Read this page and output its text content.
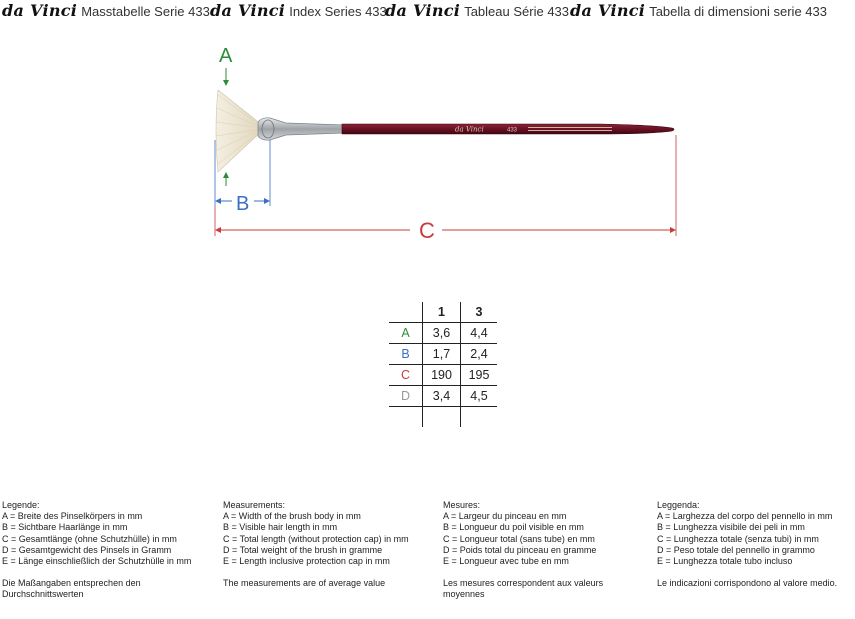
da Vinci Masstabelle Serie 433 da Vinci Index Series 433
da Vinci Tableau Série 433 da Vinci Tabella di dimensioni serie 433
da Vinci	433
A
B
C
	1	3
A	3,6	4,4
B	1,7	2,4
C	190	195
D	3,4	4,5

Legende:
A = Breite des Pinselkörpers in mm
B = Sichtbare Haarlänge in mm
C = Gesamtlänge (ohne Schutzhülle) in mm
D = Gesamtgewicht des Pinsels in Gramm
E = Länge einschließlich der Schutzhülle in mm
Die Maßangaben entsprechen den Durchschnittswerten
Measurements:
A = Width of the brush body in mm
B = Visible hair length in mm
C = Total length (without protection cap) in mm
D = Total weight of the brush in gramme
E = Length inclusive protection cap in mm
The measurements are of average value
Mesures:
A = Largeur du pinceau en mm
B = Longueur du poil visible en mm
C = Longueur total (sans tube) en mm
D = Poids total du pinceau en gramme
E = Longueur avec tube en mm
Les mesures correspondent aux valeurs moyennes
Leggenda:
A = Larghezza del corpo del pennello in mm
B = Lunghezza visibile dei peli in mm
C = Lunghezza totale (senza tubi) in mm
D = Peso totale del pennello in grammo
E = Lunghezza totale tubo incluso
Le indicazioni corrispondono al valore medio.
